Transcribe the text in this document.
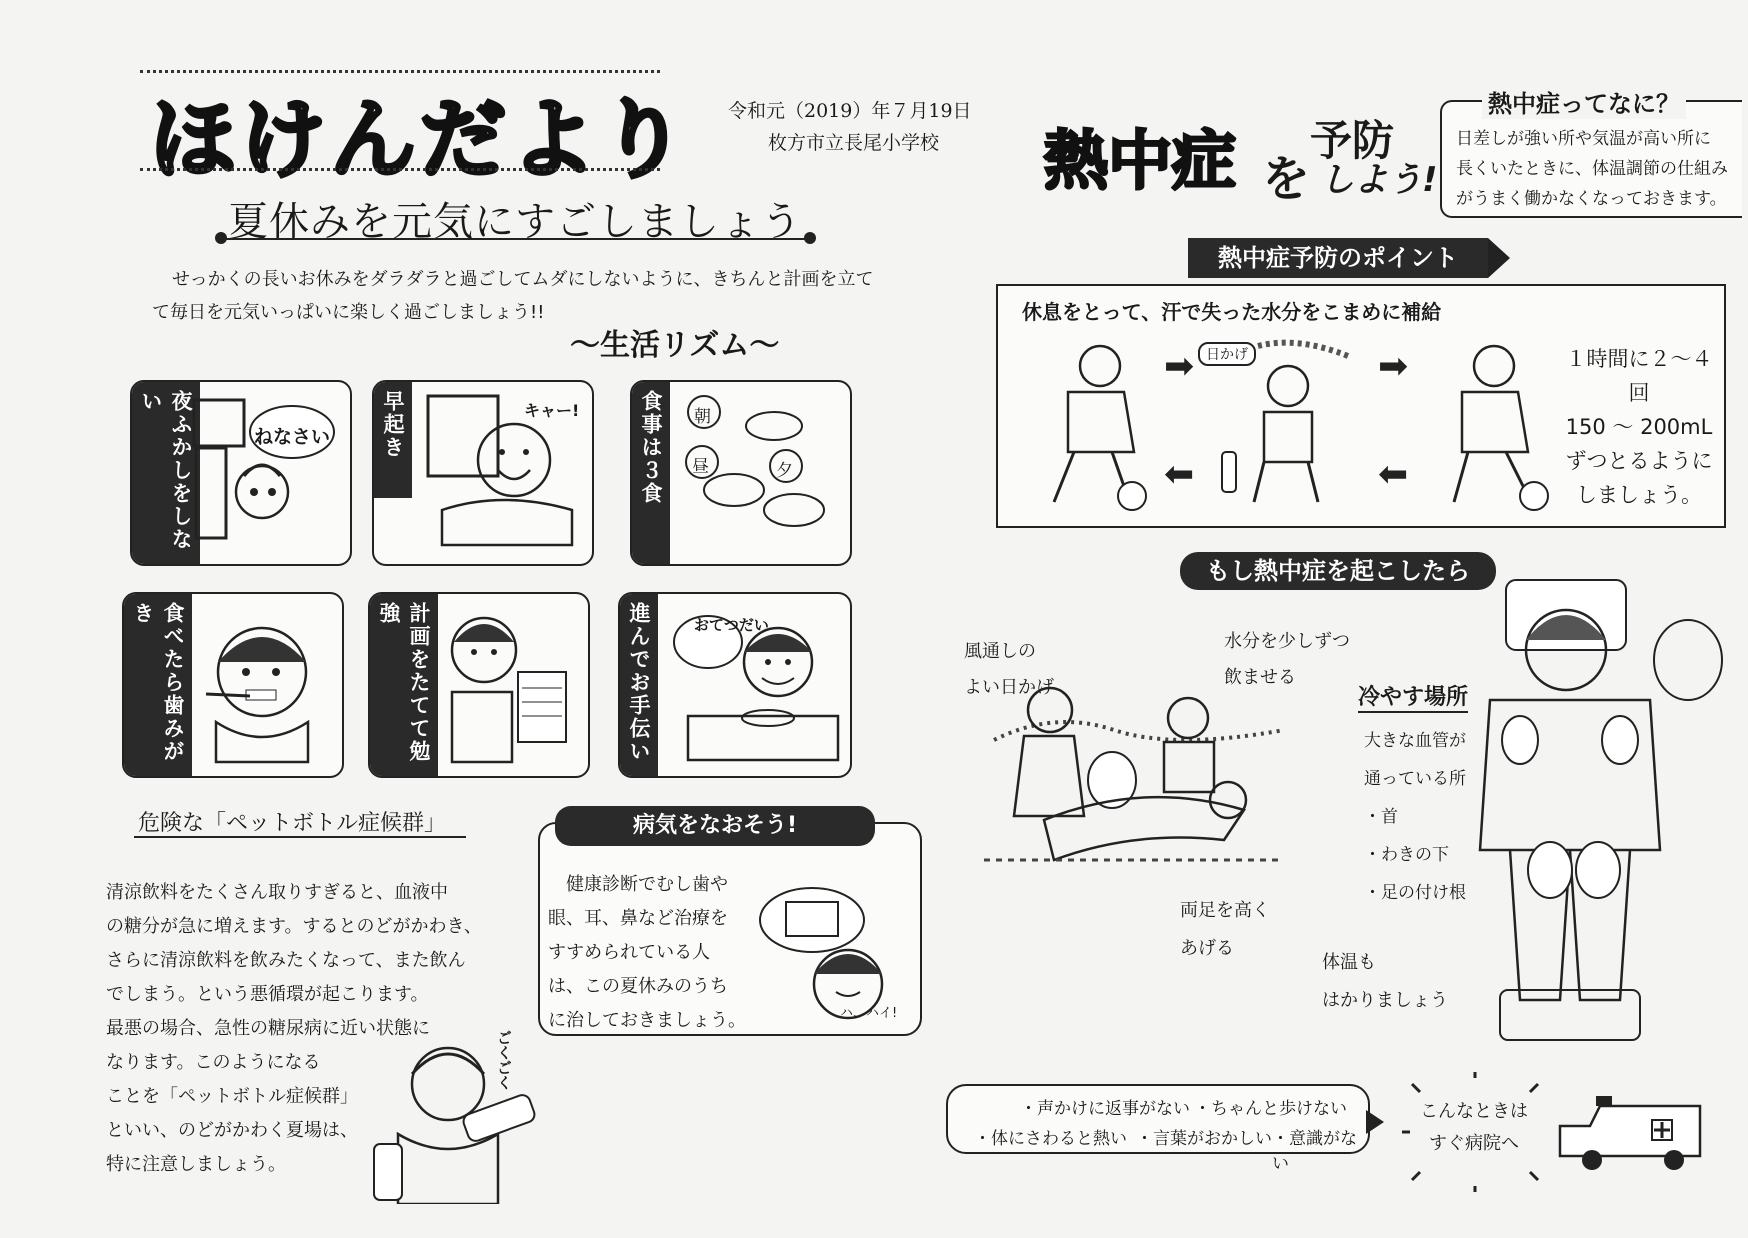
ほけんだより 令和元（2019）年７月19日
枚方市立長尾小学校
夏休みを元気にすごしましょう
せっかくの長いお休みをダラダラと過ごしてムダにしないように、きちんと計画を立て
て毎日を元気いっぱいに楽しく過ごしましょう!!
～生活リズム～
夜ふかしをしない
ねなさい	早起き	キャー!	食事は３食	朝
昼	夕
食べたら歯みがき	計画をたてて勉強	進んでお手伝い	おてつだい
危険な「ペットボトル症候群」
清涼飲料をたくさん取りすぎると、血液中
の糖分が急に増えます。するとのどがかわき、
さらに清涼飲料を飲みたくなって、また飲ん
でしまう。という悪循環が起こります。
最悪の場合、急性の糖尿病に近い状態に
なります。このようになる
ことを「ペットボトル症候群」
といい、のどがかわく夏場は、
特に注意しましょう。
ごくごく
健康診断でむし歯や
眼、耳、鼻など治療を
すすめられている人
は、この夏休みのうち
に治しておきましょう。	ハ、ハイ!
病気をなおそう!
熱中症 を
予防
しよう!
熱中症ってなに？
日差しが強い所や気温が高い所に
長くいたときに、体温調節の仕組み
がうまく働かなくなっておきます。
熱中症予防のポイント
休息をとって、汗で失った水分をこまめに補給
➡
⬅
日かげ	➡
⬅
１時間に２～４回
150 ～ 200mL
ずつとるように
しましょう。
もし熱中症を起こしたら
風通しの
よい日かげ
水分を少しずつ
飲ませる
両足を高く
あげる
体温も
はかりましょう
冷やす場所
大きな血管が
通っている所
・首
・わきの下
・足の付け根
・声かけに返事がない ・ちゃんと歩けない
・体にさわると熱い ・言葉がおかしい ・意識がない
こんなときは
すぐ病院へ
